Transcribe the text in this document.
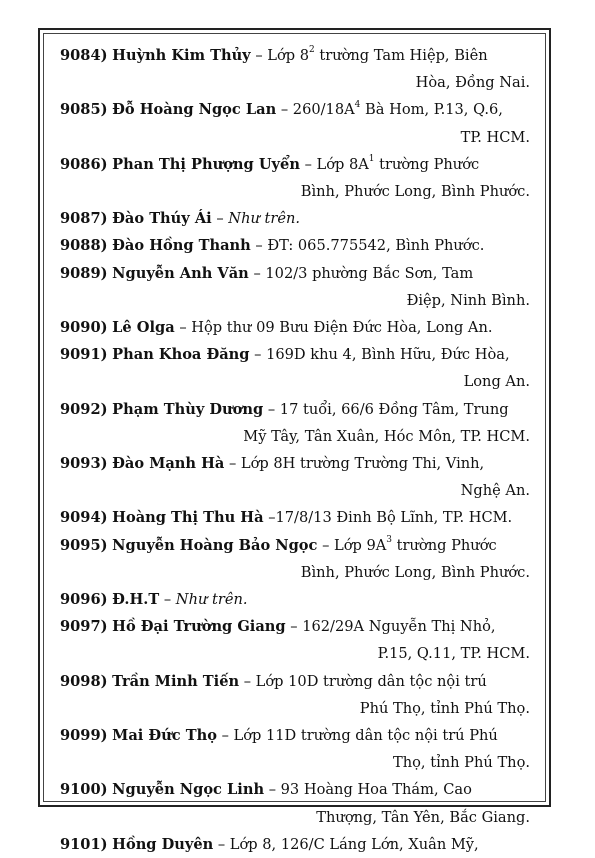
9084) Huỳnh Kim Thủy – Lớp $8^2$ trường Tam Hiệp, Biên
Hòa, Đồng Nai.
9085) Đỗ Hoàng Ngọc Lan – $260/18A^4$ Bà Hom, P.13, Q.6,
TP. HCM.
9086) Phan Thị Phượng Uyển – Lớp $8A^1$ trường Phước
Bình, Phước Long, Bình Phước.
9087) Đào Thúy Ái – Như trên.
9088) Đào Hồng Thanh – ĐT: 065.775542, Bình Phước.
9089) Nguyễn Anh Văn – 102/3 phường Bắc Sơn, Tam
Điệp, Ninh Bình.
9090) Lê Olga – Hộp thư 09 Bưu Điện Đức Hòa, Long An.
9091) Phan Khoa Đăng – 169D khu 4, Bình Hữu, Đức Hòa,
Long An.
9092) Phạm Thùy Dương – 17 tuổi, 66/6 Đồng Tâm, Trung
Mỹ Tây, Tân Xuân, Hóc Môn, TP. HCM.
9093) Đào Mạnh Hà – Lớp 8H trường Trường Thi, Vinh,
Nghệ An.
9094) Hoàng Thị Thu Hà –17/8/13 Đinh Bộ Lĩnh, TP. HCM.
9095) Nguyễn Hoàng Bảo Ngọc – Lớp $9A^3$ trường Phước
Bình, Phước Long, Bình Phước.
9096) Đ.H.T – Như trên.
9097) Hồ Đại Trường Giang – 162/29A Nguyễn Thị Nhỏ,
P.15, Q.11, TP. HCM.
9098) Trần Minh Tiến – Lớp 10D trường dân tộc nội trú
Phú Thọ, tỉnh Phú Thọ.
9099) Mai Đức Thọ – Lớp 11D trường dân tộc nội trú Phú
Thọ, tỉnh Phú Thọ.
9100) Nguyễn Ngọc Linh – 93 Hoàng Hoa Thám, Cao
Thượng, Tân Yên, Bắc Giang.
9101) Hồng Duyên – Lớp 8, 126/C Láng Lớn, Xuân Mỹ,
